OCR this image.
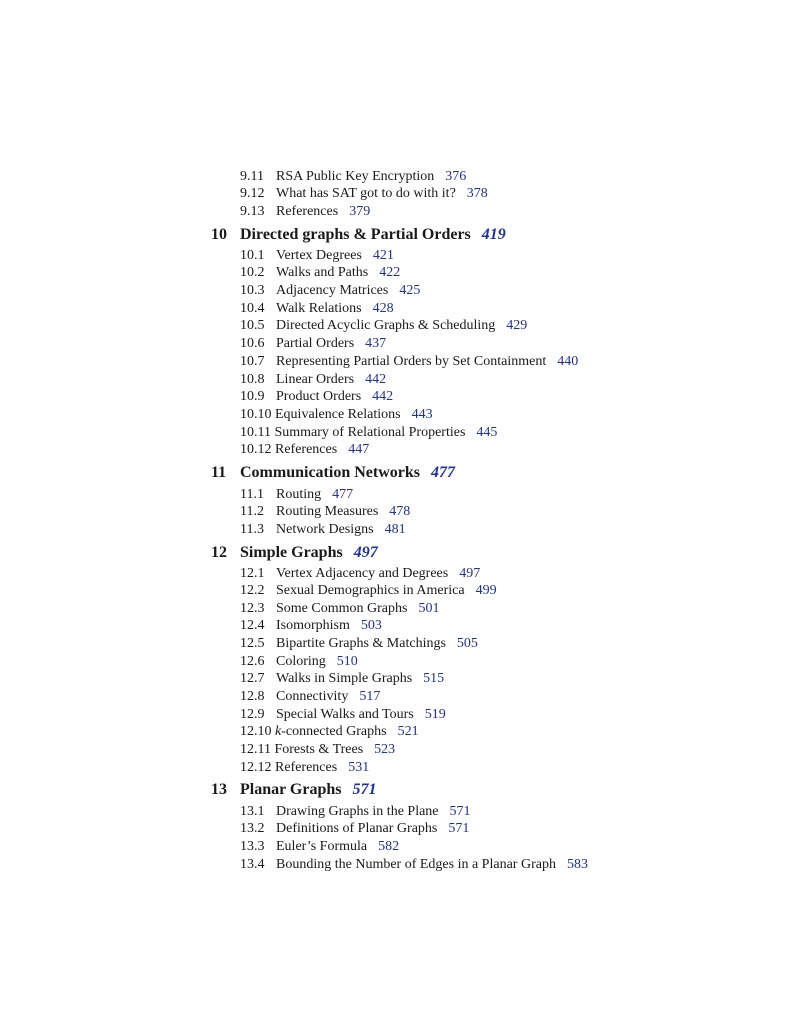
9.11 RSA Public Key Encryption 376
9.12 What has SAT got to do with it? 378
9.13 References 379
10 Directed graphs & Partial Orders 419
10.1 Vertex Degrees 421
10.2 Walks and Paths 422
10.3 Adjacency Matrices 425
10.4 Walk Relations 428
10.5 Directed Acyclic Graphs & Scheduling 429
10.6 Partial Orders 437
10.7 Representing Partial Orders by Set Containment 440
10.8 Linear Orders 442
10.9 Product Orders 442
10.10 Equivalence Relations 443
10.11 Summary of Relational Properties 445
10.12 References 447
11 Communication Networks 477
11.1 Routing 477
11.2 Routing Measures 478
11.3 Network Designs 481
12 Simple Graphs 497
12.1 Vertex Adjacency and Degrees 497
12.2 Sexual Demographics in America 499
12.3 Some Common Graphs 501
12.4 Isomorphism 503
12.5 Bipartite Graphs & Matchings 505
12.6 Coloring 510
12.7 Walks in Simple Graphs 515
12.8 Connectivity 517
12.9 Special Walks and Tours 519
12.10 k-connected Graphs 521
12.11 Forests & Trees 523
12.12 References 531
13 Planar Graphs 571
13.1 Drawing Graphs in the Plane 571
13.2 Definitions of Planar Graphs 571
13.3 Euler’s Formula 582
13.4 Bounding the Number of Edges in a Planar Graph 583
